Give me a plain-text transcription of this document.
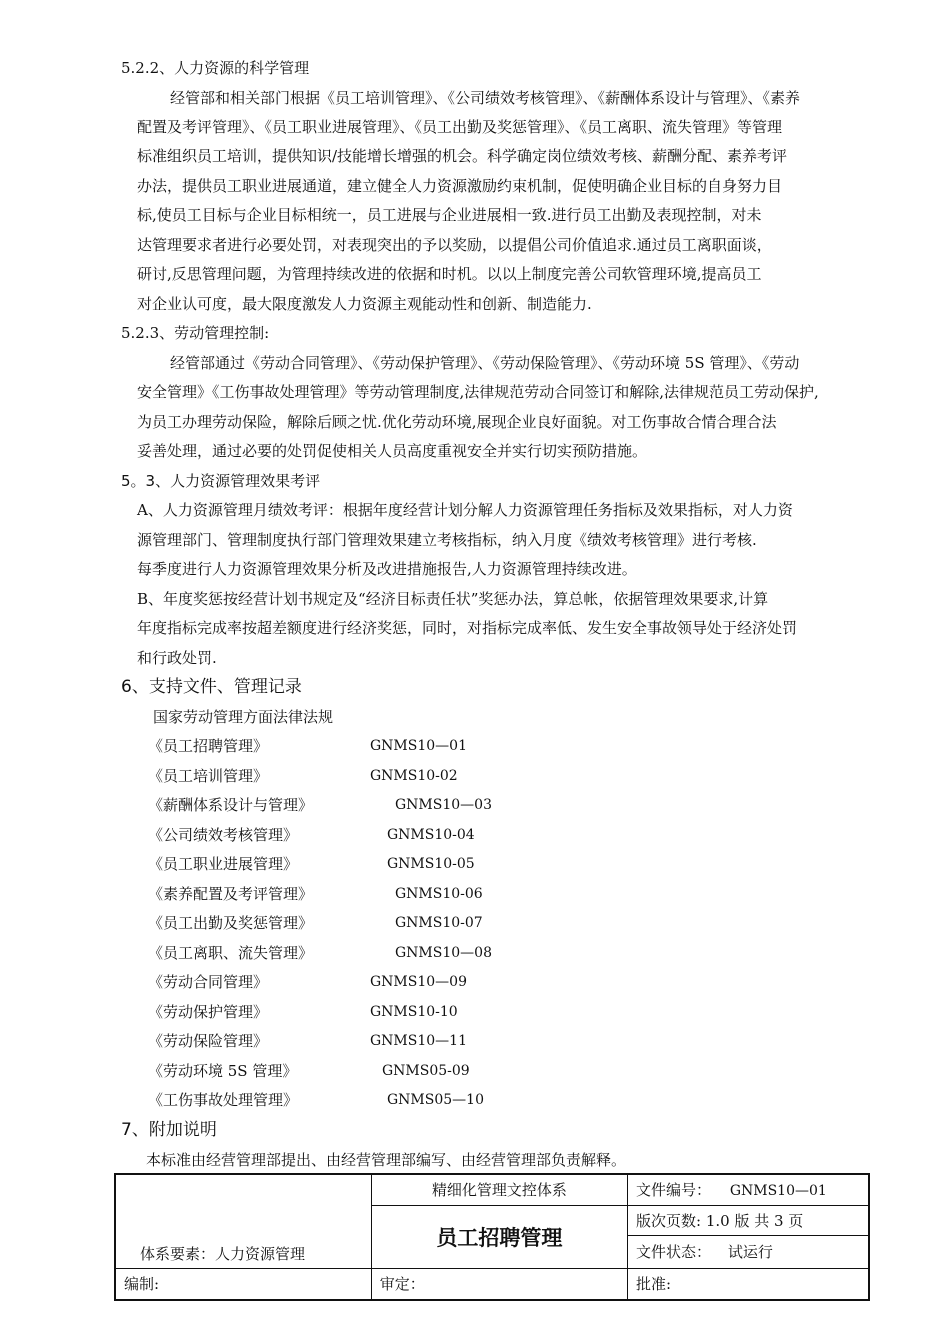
5.2.2、人力资源的科学管理
经管部和相关部门根据《员工培训管理》、《公司绩效考核管理》、《薪酬体系设计与管理》、《素养
配置及考评管理》、《员工职业进展管理》、《员工出勤及奖惩管理》、《员工离职、流失管理》等管理
标准组织员工培训，提供知识/技能增长增强的机会。科学确定岗位绩效考核、薪酬分配、素养考评
办法，提供员工职业进展通道，建立健全人力资源激励约束机制，促使明确企业目标的自身努力目
标,使员工目标与企业目标相统一，员工进展与企业进展相一致.进行员工出勤及表现控制，对未
达管理要求者进行必要处罚，对表现突出的予以奖励，以提倡公司价值追求.通过员工离职面谈，
研讨,反思管理问题，为管理持续改进的依据和时机。以以上制度完善公司软管理环境,提高员工
对企业认可度，最大限度激发人力资源主观能动性和创新、制造能力.
5.2.3、劳动管理控制:
经管部通过《劳动合同管理》、《劳动保护管理》、《劳动保险管理》、《劳动环境 5S 管理》、《劳动
安全管理》《工伤事故处理管理》等劳动管理制度,法律规范劳动合同签订和解除,法律规范员工劳动保护,
为员工办理劳动保险，解除后顾之忧.优化劳动环境,展现企业良好面貌。对工伤事故合情合理合法
妥善处理，通过必要的处罚促使相关人员高度重视安全并实行切实预防措施。
5。3、人力资源管理效果考评
A、人力资源管理月绩效考评：根据年度经营计划分解人力资源管理任务指标及效果指标，对人力资
源管理部门、管理制度执行部门管理效果建立考核指标，纳入月度《绩效考核管理》进行考核.
每季度进行人力资源管理效果分析及改进措施报告,人力资源管理持续改进。
B、年度奖惩按经营计划书规定及“经济目标责任状”奖惩办法，算总帐，依据管理效果要求,计算
年度指标完成率按超差额度进行经济奖惩，同时，对指标完成率低、发生安全事故领导处于经济处罚
和行政处罚.
6、支持文件、管理记录
国家劳动管理方面法律法规
《员工招聘管理》	GNMS10—01
《员工培训管理》	GNMS10-02
《薪酬体系设计与管理》	GNMS10—03
《公司绩效考核管理》	GNMS10-04
《员工职业进展管理》	GNMS10-05
《素养配置及考评管理》	GNMS10-06
《员工出勤及奖惩管理》	GNMS10-07
《员工离职、流失管理》	GNMS10—08
《劳动合同管理》	GNMS10—09
《劳动保护管理》	GNMS10-10
《劳动保险管理》	GNMS10—11
《劳动环境 5S 管理》	GNMS05-09
《工伤事故处理管理》	GNMS05—10
7、附加说明
本标准由经营管理部提出、由经营管理部编写、由经营管理部负责解释。
	精细化管理文控体系	文件编号： GNMS10—01
	员工招聘管理	版次页数: 1.0 版 共 3 页
体系要素：人力资源管理		文件状态： 试运行
编制:	审定：	批准:
